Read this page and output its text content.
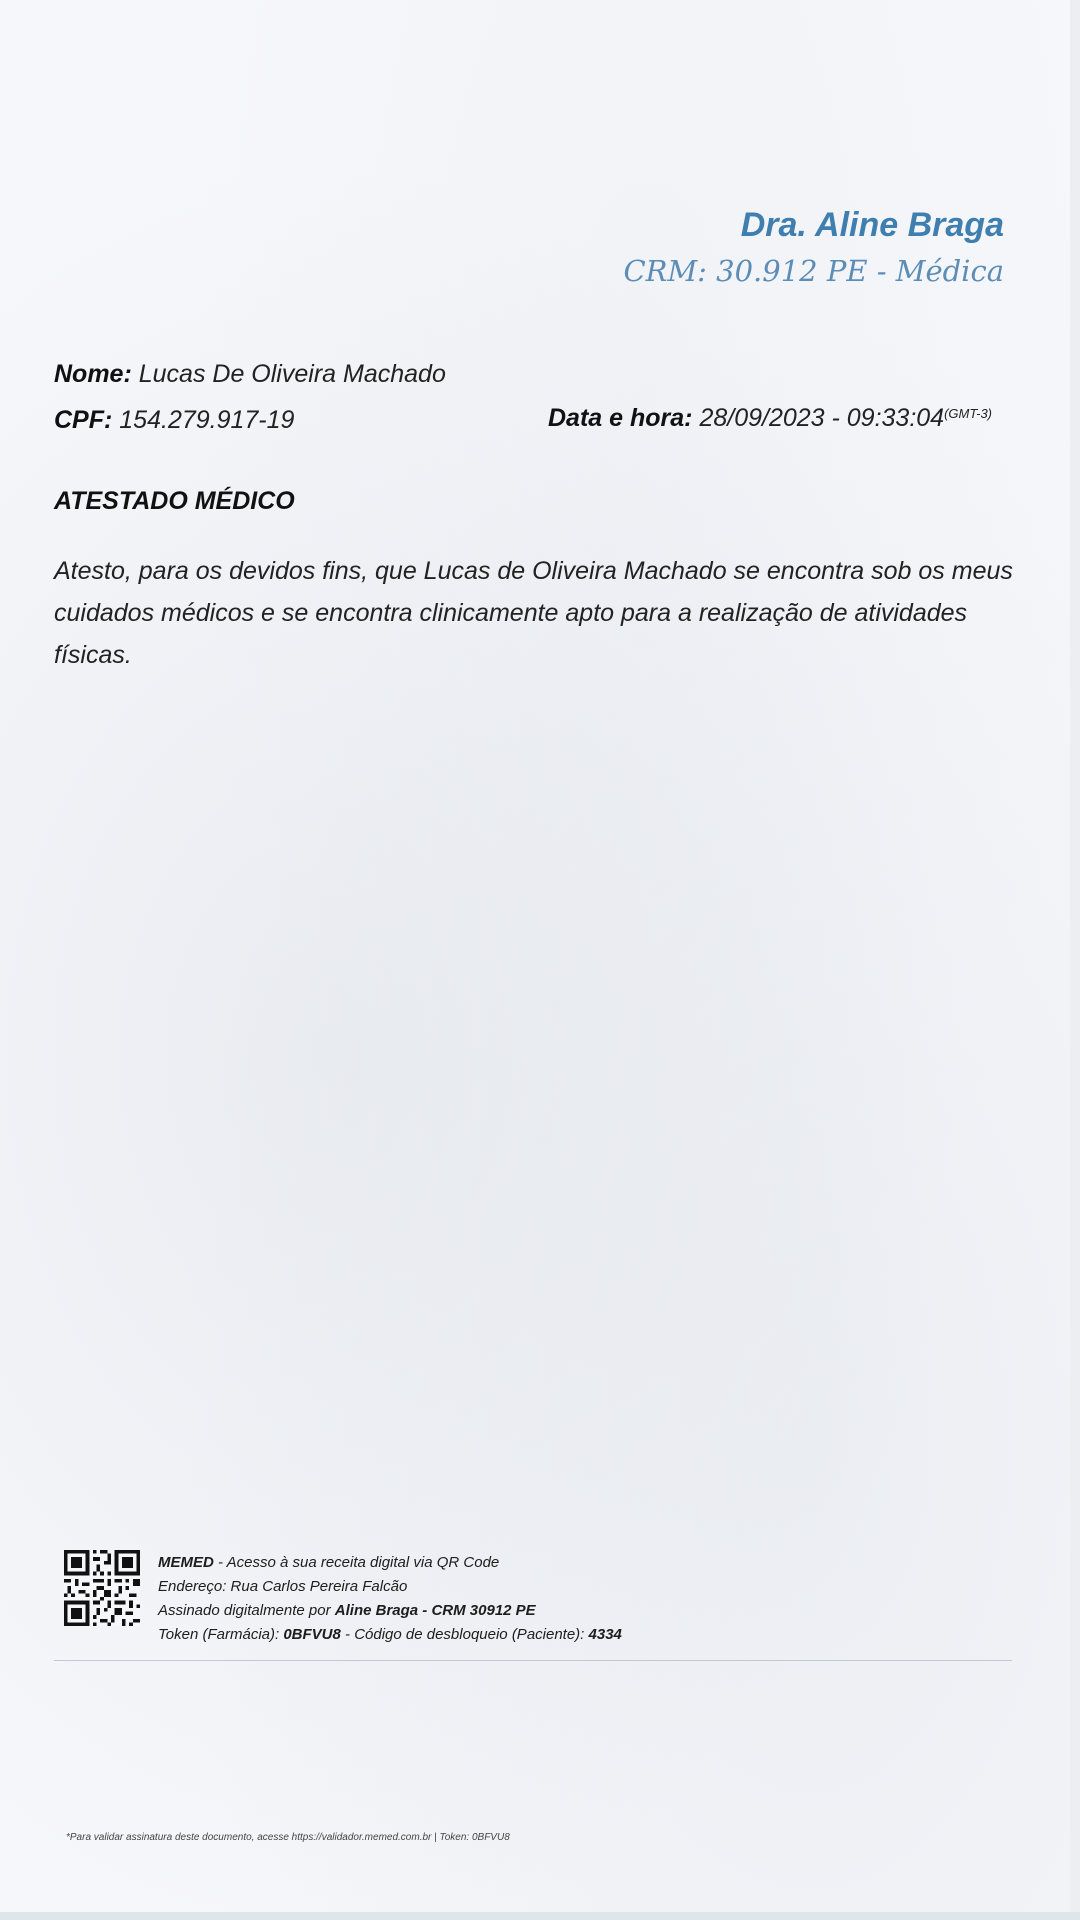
Dra. Aline Braga
CRM: 30.912 PE - Médica
Nome: Lucas De Oliveira Machado
CPF: 154.279.917-19	Data e hora: $28/09/2023 - 09:33:04^{(GMT-3)}$
ATESTADO MÉDICO
Atesto, para os devidos fins, que Lucas de Oliveira Machado se encontra sob os meus cuidados médicos e se encontra clinicamente apto para a realização de atividades físicas.
MEMED - Acesso à sua receita digital via QR Code
Endereço: Rua Carlos Pereira Falcão
Assinado digitalmente por Aline Braga - CRM 30912 PE
Token (Farmácia): 0BFVU8 - Código de desbloqueio (Paciente): 4334
*Para validar assinatura deste documento, acesse https://validador.memed.com.br | Token: 0BFVU8
